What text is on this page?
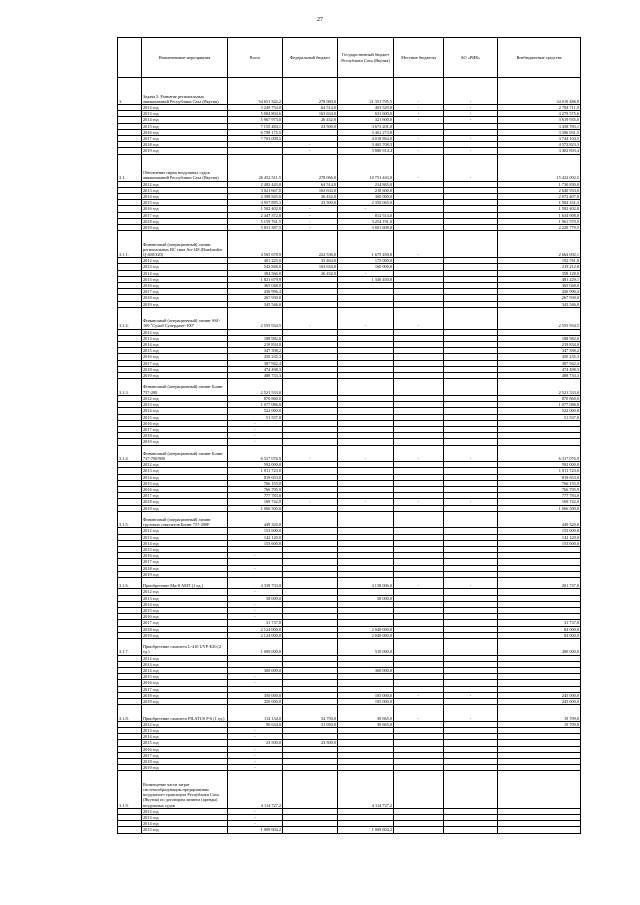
27
	Наименование мероприятия	Всего	Федеральный бюджет	Государственный бюджет Республики Саха (Якутия)	Местные бюджеты	АО «РИК»	Внебюджетные средства
3.	Задача 5. Развитие региональных авиакомпаний Республики Саха (Якутия)	54 651 342,2	278 060,0	21 351 795,5	-	-	34 019 486,8
	2012 год	3 249 754,0	64 514,0	403 529,0	-	-	2 784 711,0
	2013 год	5 084 804,6	163 634,0	631 600,0	-	-	4 279 575,6
	2014 год	5 967 973,0	26 432,0	321 600,0	-	-	3 619 935,0
	2015 год	7 155 484,1	23 500,0	3 673 201,0			3 458 783,1
	2016 год	6 798 175,5		3 461 273,8			3 396 931,5
	2017 год	7 763 008,5		4 018 864,0	-	-	3 744 104,5
	2018 год		-	3 465 708,3			4 572 823,3
	2019 год		-	3 886 914,4	-	-	3 402 693,4
3.1.	Обновление парка воздушных судов авиакомпаний Республики Саха (Якутия)	26 452 511,5	278 066,0	10 751 443,0	-	-	15 422 002,5
	2012 год	2 492 443,0	64 514,0	214 865,0			1 730 830,0
	2013 год	3 021 667,0	163 634,0	218 600,0			2 640 933,0
	2014 год	2 398 845,0	26 432,0	300 000,0			2 072 407,0
	2015 год	3 957 895,3	23 500,0	2 350 065,0			1 584 331,3
	2016 год	1 582 402,8	-	-			1 582 402,8
	2017 год	2 447 372,8	-	812 514,0			1 634 908,8
	2018 год	5 159 761,5	-	3 254 191,0			1 961 570,5
	2019 год	5 831 387,5	-	3 601 608,0			2 229 779,5
3.1.1.	Финансовый (операционный) лизинг региональных ВС типа Ан-148 (Bombardier Q-400/320)	4 565 678,9	222 536,0	1 675 450,8	-		2 664 692,1
	2012 год	401 225,0	33 464,0	175 000,0			192 761,0
	2013 год	542 846,0	163 634,0	160 000,0			219 212,0
	2014 год	384 566,0	26 432,0	-			358 128,0
	2015 год	1 821 679,9		1 340 450,8			481 229,1
	2016 год	365 048,0					365 048,0
	2017 год	436 996,4					436 996,4
	2018 год	267 930,0					267 930,0
	2019 год	345 546,0					345 546,0
3.1.2.	Финансовый (операционный) лизинг SSJ-100 "Сухой Суперджет-100"	2 555 934,5	-	-	-		2 555 934,5
	2012 год						
	2013 год	188 982,0					188 982,0
	2014 год	219 834,0					219 834,0
	2015 год	347 398,2					347 398,2
	2016 год	450 235,3					450 235,3
	2017 год	387 942,4					387 942,4
	2018 год	474 498,3					474 498,3
	2019 год	488 733,3					488 733,3
3.1.3.	Финансовый (операционный) лизинг Боинг 757-200	2 521 533,0					2 521 533,0
	2012 год	870 860,0					870 860,0
	2013 год	1 077 086,0					1 077 086,0
	2014 год	522 060,0					522 060,0
	2015 год	51 537,0					51 537,0
	2016 год	-					
	2017 год	-					
	2018 год	-					
	2019 год	-					
3.1.4.	Финансовый (операционный) лизинг Боинг 737-700/800	6 317 076,9	-	-	-	-	6 317 076,9
	2012 год	592 000,0					592 000,0
	2013 год	1 011 723,0					1 011 723,0
	2014 год	819 653,0					819 653,0
	2015 год	766 155,0					766 155,0
	2016 год	766 795,9					766 795,9
	2017 год	777 783,0					777 783,0
	2018 год	169 742,0	-	-	-	-	169 742,0
	2019 год	1 066 500,0					1 066 500,0
3.1.5.	Финансовый (операционный) лизинг грузовых самолетов Боинг 757-200F	449 320,0					449 320,0
	2012 год	153 600,0					153 600,0
	2013 год	142 120,0					142 120,0
	2014 год	153 600,0					153 600,0
	2015 год						
	2016 год	-					
	2017 год						
	2018 год	-					
	2019 год						
3.1.6.	Приобретение Ми-8 АМТ (1 ед.)	4 339 733,0		4 138 006,0	-	-	201 737,0
	2012 год	-					
	2013 год	58 000,0		58 000,0			
	2014 год	-					
	2015 год	-					
	2016 год	-					
	2017 год	31 737,0					31 737,0
	2018 год	2 124 000,0		2 040 000,0			84 000,0
	2019 год	2 124 000,0		2 040 000,0			84 000,0
3.1.7.	Приобретение самолета L-410 UVP-Е20 (2 ед.)	1 000 000,0		510 000,0			490 000,0
	2012 год						
	2013 год						
	2014 год	300 000,0		300 000,0			
	2015 год	-					
	2016 год	-					
	2017 год						
	2018 год	350 000,0		105 000,0	-	-	245 000,0
	2019 год	350 000,0		105 000,0			245 000,0
3.1.8.	Приобретение самолета PILATUS P-6 (1 ед.)	114 134,0	54 750,0	39 665,0	-	-	19 709,0
	2012 год	90 634,0	31 050,0	39 665,0			19 709,0
	2013 год	-					
	2014 год	-					
	2015 год	23 500,0	23 500,0				
	2016 год	-					
	2017 год	-					
	2018 год	-					
	2019 год	-					
3.1.9.	Возмещение части затрат системообразующим предприятиям воздушного транспорта Республики Саха (Якутия) по договорам лизинга (аренды) воздушных судов	4 114 727,2		4 114 727,2			
	2012 год	-					
	2013 год	-					
	2014 год	-					
	2015 год	1 009 604,2		1 009 604,2			
